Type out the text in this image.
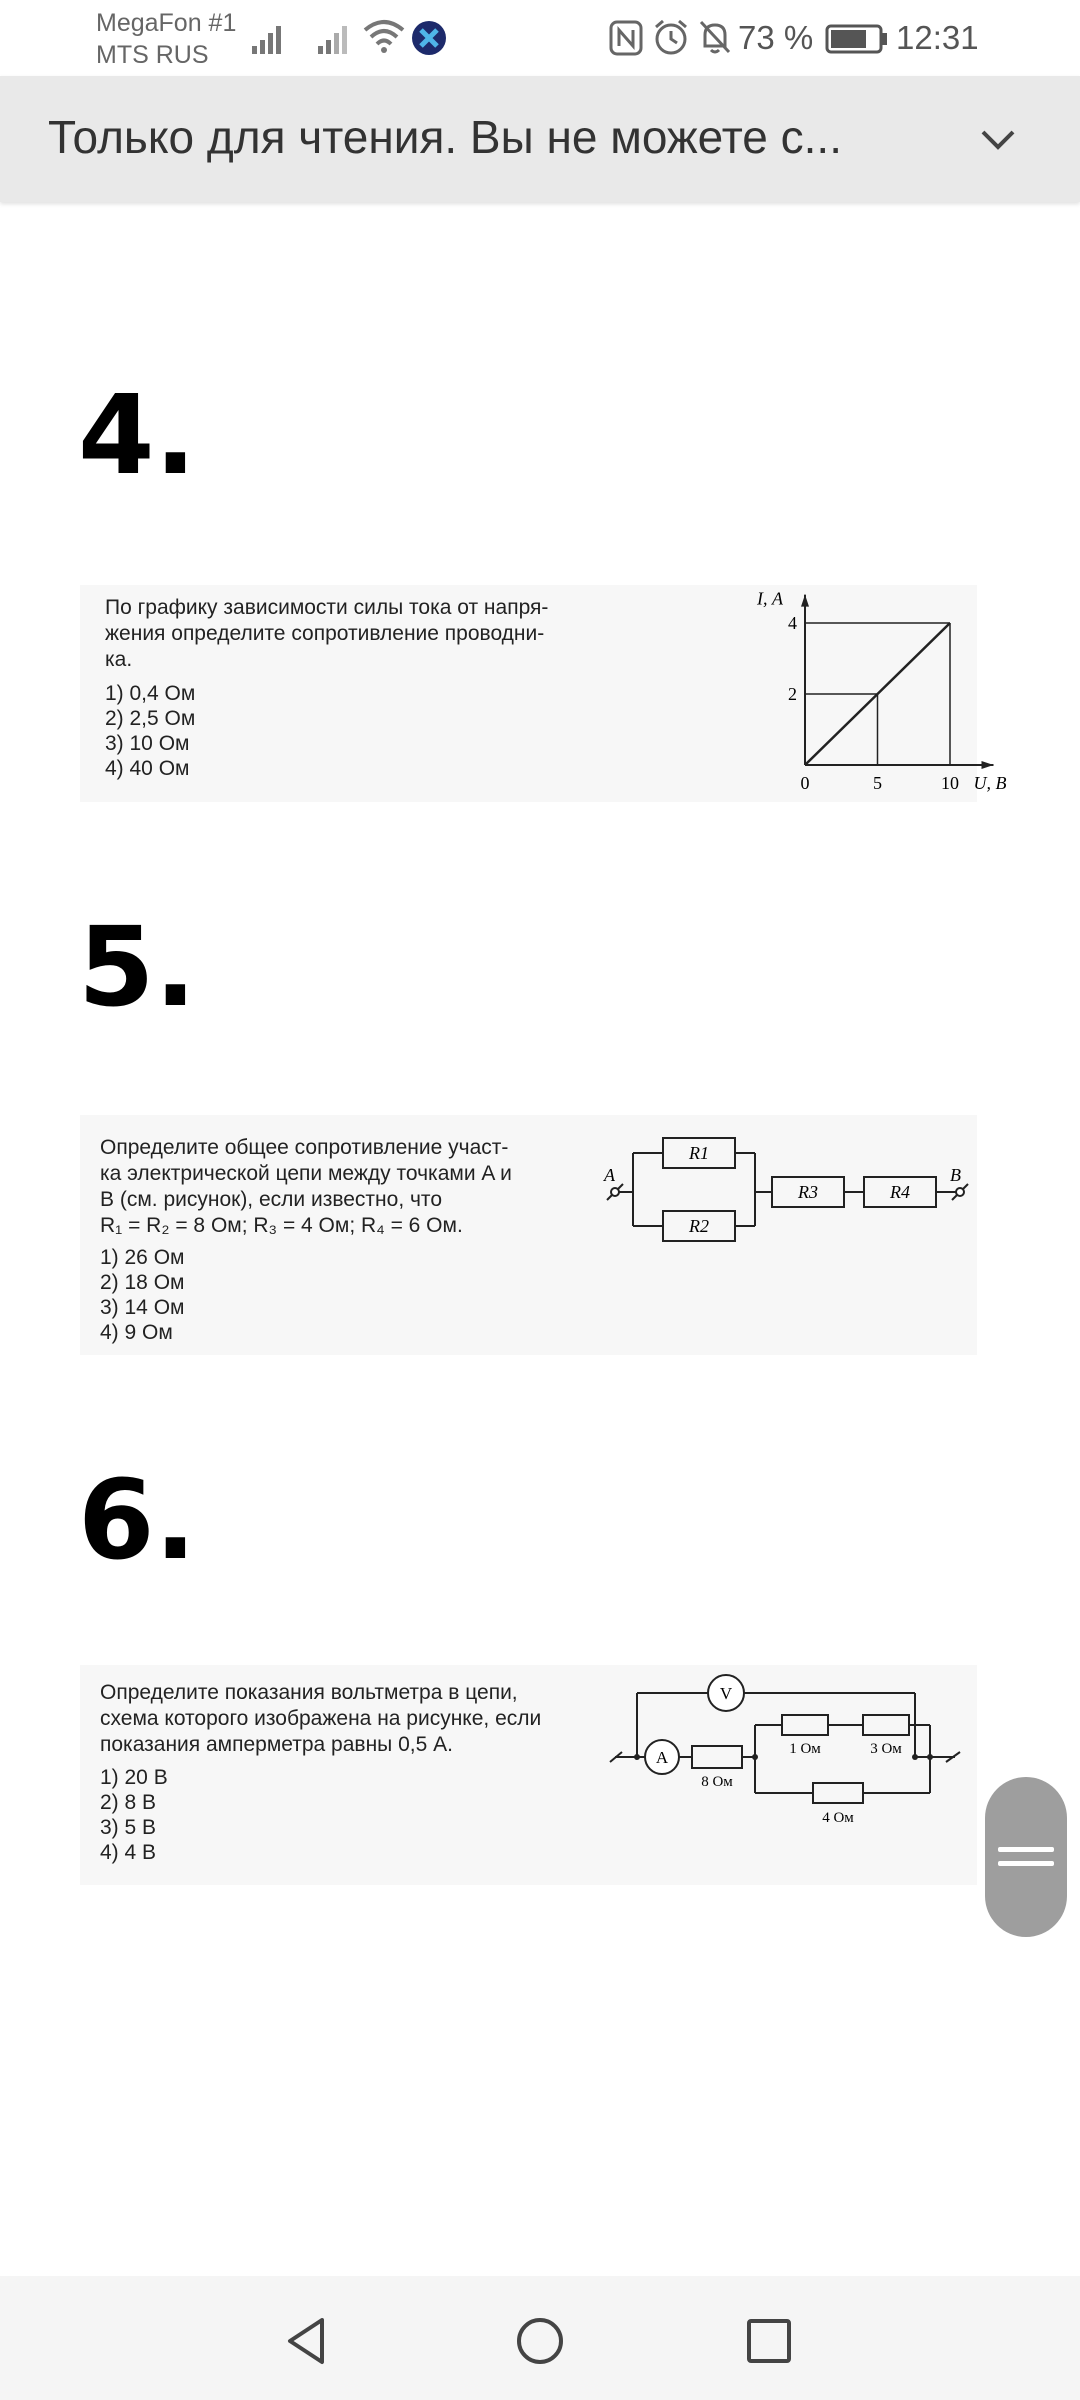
MegaFon #1
MTS RUS	73 %	12:31
Только для чтения. Вы не можете с...
4.
По графику зависимости силы тока от напря-
жения определите сопротивление проводни-
ка.
1) 0,4 Ом
2) 2,5 Ом
3) 10 Ом
4) 40 Ом
0	5	10
2
4
U, В
I, А
5.
Определите общее сопротивление участ-
ка электрической цепи между точками A и
B (см. рисунок), если известно, что
R₁ = R₂ = 8 Ом; R₃ = 4 Ом; R₄ = 6 Ом.
1) 26 Ом
2) 18 Ом
3) 14 Ом
4) 9 Ом
R1
R2
R3	R4
A	B
6.
Определите показания вольтметра в цепи,
схема которого изображена на рисунке, если
показания амперметра равны 0,5 А.
1) 20 В
2) 8 В
3) 5 В
4) 4 В
V
A
8 Ом
1 Ом	3 Ом
4 Ом
